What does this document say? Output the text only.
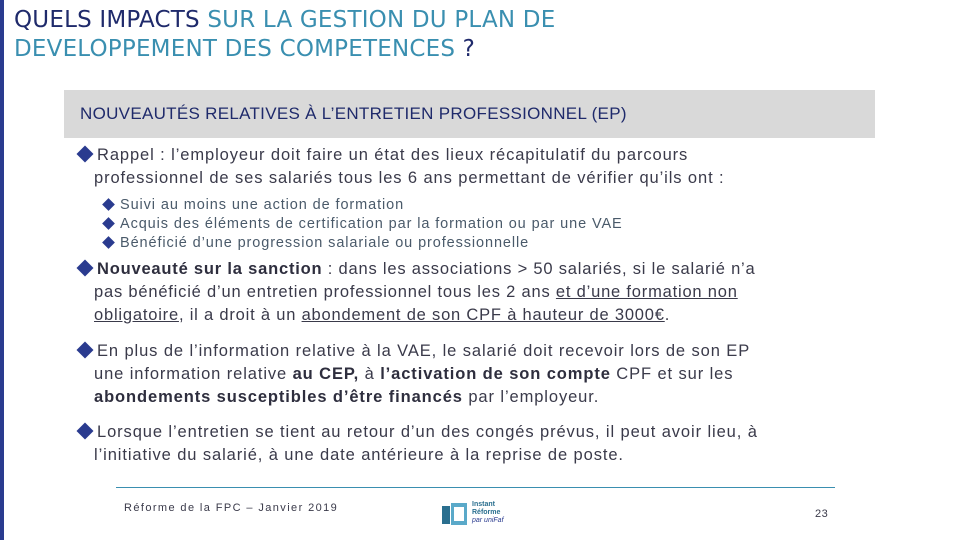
QUELS IMPACTS SUR LA GESTION DU PLAN DE
DEVELOPPEMENT DES COMPETENCES ?
NOUVEAUTÉS RELATIVES À L’ENTRETIEN PROFESSIONNEL (EP)
Rappel : l’employeur doit faire un état des lieux récapitulatif du parcours
professionnel de ses salariés tous les 6 ans permettant de vérifier qu’ils ont :
Suivi au moins une action de formation
Acquis des éléments de certification par la formation ou par une VAE
Bénéficié d’une progression salariale ou professionnelle
Nouveauté sur la sanction : dans les associations > 50 salariés, si le salarié n’a
pas bénéficié d’un entretien professionnel tous les 2 ans et d’une formation non
obligatoire, il a droit à un abondement de son CPF à hauteur de 3000€.
En plus de l’information relative à la VAE, le salarié doit recevoir lors de son EP
une information relative au CEP, à l’activation de son compte CPF et sur les
abondements susceptibles d’être financés par l’employeur.
Lorsque l’entretien se tient au retour d’un des congés prévus, il peut avoir lieu, à
l’initiative du salarié, à une date antérieure à la reprise de poste.
Réforme de la FPC – Janvier 2019	Instant
Réforme
par uniFaf
23
